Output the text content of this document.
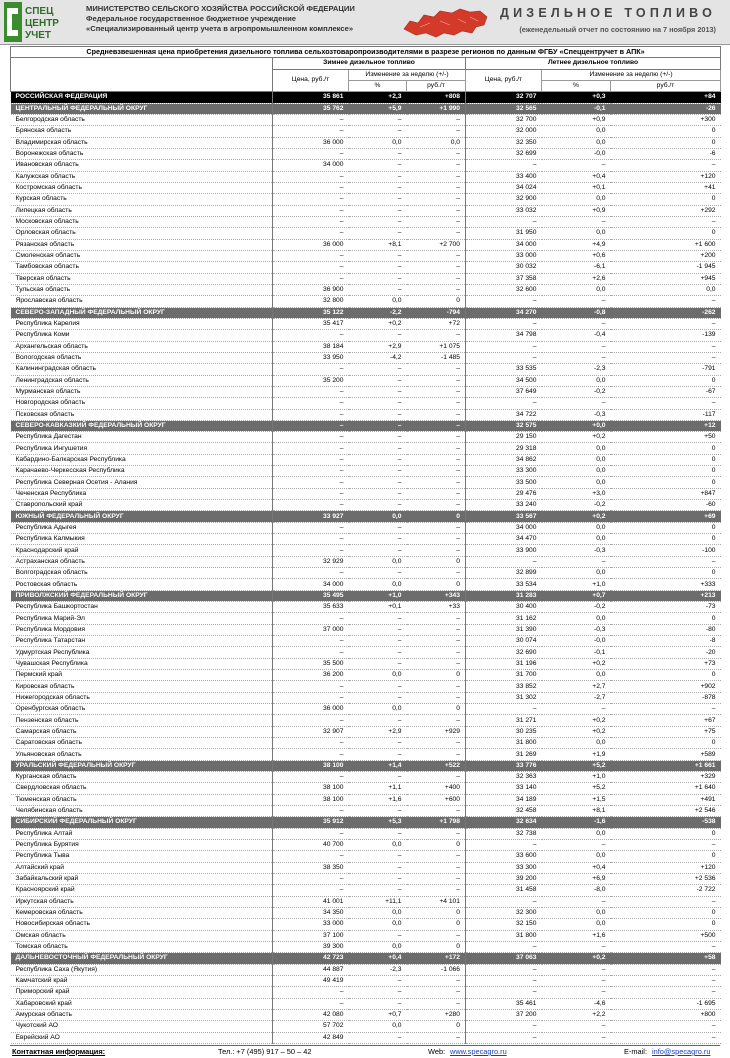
СПЕЦ
ЦЕНТР
УЧЕТ
МИНИСТЕРСТВО СЕЛЬСКОГО ХОЗЯЙСТВА РОССИЙСКОЙ ФЕДЕРАЦИИ
Федеральное государственное бюджетное учреждение
«Специализированный центр учета в агропромышленном комплексе»
ДИЗЕЛЬНОЕ ТОПЛИВО
(еженедельный отчет по состоянию на 7 ноября 2013)
Средневзвешенная цена приобретения дизельного топлива сельхозтоваропроизводителями в разрезе регионов по данным ФГБУ «Спеццентручет в АПК»						
	Зимнее дизельное топливо			Летнее дизельное топливо		
	Цена, руб./т	Изменение за неделю (+/-)		Цена, руб./т	Изменение за неделю (+/-)	
		%	руб./т		%	руб./т
РОССИЙСКАЯ ФЕДЕРАЦИЯ	35 861	+2,3	+808	32 707	+0,3	+84
ЦЕНТРАЛЬНЫЙ ФЕДЕРАЛЬНЫЙ ОКРУГ	35 762	+5,9	+1 990	32 565	-0,1	-26
Белгородская область	–	–	–	32 700	+0,9	+300
Брянская область	–	–	–	32 000	0,0	0
Владимирская область	36 000	0,0	0,0	32 350	0,0	0
Воронежская область	–	–	–	32 699	-0,0	-6
Ивановская область	34 000	–	–	–	–	–
Калужская область	–	–	–	33 400	+0,4	+120
Костромская область	–	–	–	34 024	+0,1	+41
Курская область	–	–	–	32 900	0,0	0
Липецкая область	–	–	–	33 032	+0,9	+292
Московская область	–	–	–	–	–	–
Орловская область	–	–	–	31 950	0,0	0
Рязанская область	36 000	+8,1	+2 700	34 000	+4,9	+1 600
Смоленская область	–	–	–	33 000	+0,6	+200
Тамбовская область	–	–	–	30 032	-6,1	-1 945
Тверская область	–	–	–	37 358	+2,6	+945
Тульская область	36 900	–	–	32 600	0,0	0,0
Ярославская область	32 800	0,0	0	–	–	–
СЕВЕРО-ЗАПАДНЫЙ ФЕДЕРАЛЬНЫЙ ОКРУГ	35 122	-2,2	-794	34 270	-0,8	-262
Республика Карелия	35 417	+0,2	+72	–	–	–
Республика Коми	–	–	–	34 798	-0,4	-139
Архангельская область	38 184	+2,9	+1 075	–	–	–
Вологодская область	33 950	-4,2	-1 485	–	–	–
Калининградская область	–	–	–	33 535	-2,3	-791
Ленинградская область	35 200	–	–	34 500	0,0	0
Мурманская область	–	–	–	37 649	-0,2	-67
Новгородская область	–	–	–	–	–	–
Псковская область	–	–	–	34 722	-0,3	-117
СЕВЕРО-КАВКАЗКИЙ ФЕДЕРАЛЬНЫЙ ОКРУГ	–	–	–	32 575	+0,0	+12
Республика Дагестан	–	–	–	29 150	+0,2	+50
Республика Ингушетия	–	–	–	29 318	0,0	0
Кабардино-Балкарская Республика	–	–	–	34 862	0,0	0
Карачаево-Черкесская Республика	–	–	–	33 300	0,0	0
Республика Северная Осетия - Алания	–	–	–	33 500	0,0	0
Чеченская Республика	–	–	–	29 476	+3,0	+847
Ставропольский край	–	–	–	33 240	-0,2	-60
ЮЖНЫЙ ФЕДЕРАЛЬНЫЙ ОКРУГ	33 927	0,0	0	33 567	+0,2	+69
Республика Адыгея	–	–	–	34 000	0,0	0
Республика Калмыкия	–	–	–	34 470	0,0	0
Краснодарский край	–	–	–	33 900	-0,3	-100
Астраханская область	32 929	0,0	0	–	–	–
Волгоградская область	–	–	–	32 899	0,0	0
Ростовская область	34 000	0,0	0	33 534	+1,0	+333
ПРИВОЛЖСКИЙ ФЕДЕРАЛЬНЫЙ ОКРУГ	35 495	+1,0	+343	31 283	+0,7	+213
Республика Башкортостан	35 633	+0,1	+33	30 400	-0,2	-73
Республика Марий-Эл	–	–	–	31 162	0,0	0
Республика Мордовия	37 000	–	–	31 390	-0,3	-80
Республика Татарстан	–	–	–	30 074	-0,0	-8
Удмуртская Республика	–	–	–	32 690	-0,1	-20
Чувашская Республика	35 500	–	–	31 196	+0,2	+73
Пермский край	36 200	0,0	0	31 700	0,0	0
Кировская область	–	–	–	33 852	+2,7	+902
Нижегородская область	–	–	–	31 302	-2,7	-878
Оренбургская область	36 000	0,0	0	–	–	–
Пензенская область	–	–	–	31 271	+0,2	+67
Самарская область	32 907	+2,9	+929	30 235	+0,2	+75
Саратовская область	–	–	–	31 800	0,0	0
Ульяновская область	–	–	–	31 269	+1,9	+589
УРАЛЬСКИЙ ФЕДЕРАЛЬНЫЙ ОКРУГ	38 100	+1,4	+522	33 776	+5,2	+1 661
Курганская область	–	–	–	32 363	+1,0	+329
Свердловская область	38 100	+1,1	+400	33 140	+5,2	+1 640
Тюменская область	38 100	+1,6	+600	34 189	+1,5	+491
Челябинская область	–	–	–	32 458	+8,1	+2 546
СИБИРСКИЙ ФЕДЕРАЛЬНЫЙ ОКРУГ	35 912	+5,3	+1 798	32 634	-1,6	-538
Республика Алтай	–	–	–	32 738	0,0	0
Республика Бурятия	40 700	0,0	0	–	–	–
Республика Тыва	–	–	–	33 600	0,0	0
Алтайский край	38 350	–	–	33 300	+0,4	+120
Забайкальский край	–	–	–	39 200	+6,9	+2 536
Красноярский край	–	–	–	31 458	-8,0	-2 722
Иркутская область	41 001	+11,1	+4 101	–	–	–
Кемеровская область	34 350	0,0	0	32 300	0,0	0
Новосибирская область	33 000	0,0	0	32 150	0,0	0
Омская область	37 100	–	–	31 800	+1,6	+500
Томская область	39 300	0,0	0	–	–	–
ДАЛЬНЕВОСТОЧНЫЙ ФЕДЕРАЛЬНЫЙ ОКРУГ	42 723	+0,4	+172	37 063	+0,2	+58
Республика Саха (Якутия)	44 887	-2,3	-1 066	–	–	–
Камчатский край	49 419	–	–	–	–	–
Приморский край	–	–	–	–	–	–
Хабаровский край	–	–	–	35 461	-4,6	-1 695
Амурская область	42 080	+0,7	+280	37 200	+2,2	+800
Чукотский АО	57 702	0,0	0	–	–	–
Еврейский АО	42 849	–	–	–	–	–
Контактная информация:	Тел.: +7 (495) 917 – 50 – 42	Web: www.specagro.ru	E-mail: info@specagro.ru
